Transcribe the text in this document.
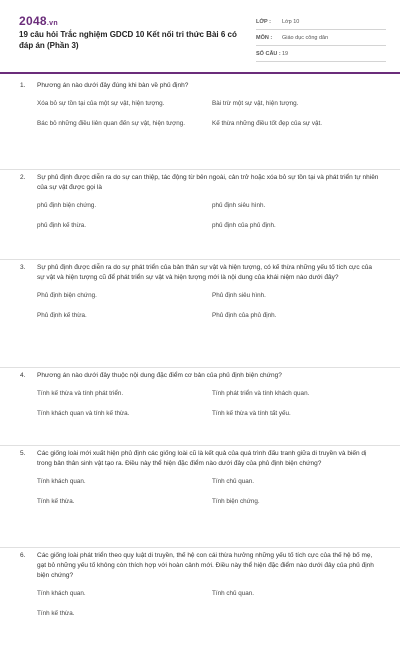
2048.vn
19 câu hỏi Trắc nghiệm GDCD 10 Kết nối tri thức Bài 6 có đáp án (Phần 3)
LỚP :	Lớp 10
MÔN :	Giáo dục công dân
SỐ CÂU : 19
1.	Phương án nào dưới đây đúng khi bàn về phủ định?
Xóa bỏ sự tồn tại của một sự vật, hiện tượng.	Bài trừ một sự vật, hiện tượng.
Bác bỏ những điều liên quan đến sự vật, hiện tượng.	Kế thừa những điều tốt đẹp của sự vật.
2.	Sự phủ định được diễn ra do sự can thiệp, tác động từ bên ngoài, cản trở hoặc xóa bỏ sự tồn tại và phát triển tự nhiên của sự vật được gọi là
phủ định biện chứng.	phủ định siêu hình.
phủ định kế thừa.	phủ định của phủ định.
3.	Sự phủ định được diễn ra do sự phát triển của bản thân sự vật và hiện tượng, có kế thừa những yếu tố tích cực của sự vật và hiện tượng cũ để phát triển sự vật và hiện tượng mới là nội dung của khái niệm nào dưới đây?
Phủ định biện chứng.	Phủ định siêu hình.
Phủ định kế thừa.	Phủ định của phủ định.
4.	Phương án nào dưới đây thuộc nội dung đặc điểm cơ bản của phủ định biện chứng?
Tính kế thừa và tính phát triển.	Tính phát triển và tính khách quan.
Tính khách quan và tính kế thừa.	Tính kế thừa và tính tất yếu.
5.	Các giống loài mới xuất hiện phủ định các giống loài cũ là kết quả của quá trình đấu tranh giữa di truyền và biến dị trong bản thân sinh vật tạo ra. Điều này thể hiện đặc điểm nào dưới đây của phủ định biện chứng?
Tính khách quan.	Tính chủ quan.
Tính kế thừa.	Tính biện chứng.
6.	Các giống loài phát triển theo quy luật di truyền, thế hệ con cái thừa hưởng những yếu tố tích cực của thế hệ bố mẹ, gạt bỏ những yếu tố không còn thích hợp với hoàn cảnh mới. Điều này thể hiện đặc điểm nào dưới đây của phủ định biện chứng?
Tính khách quan.	Tính chủ quan.
Tính kế thừa.
